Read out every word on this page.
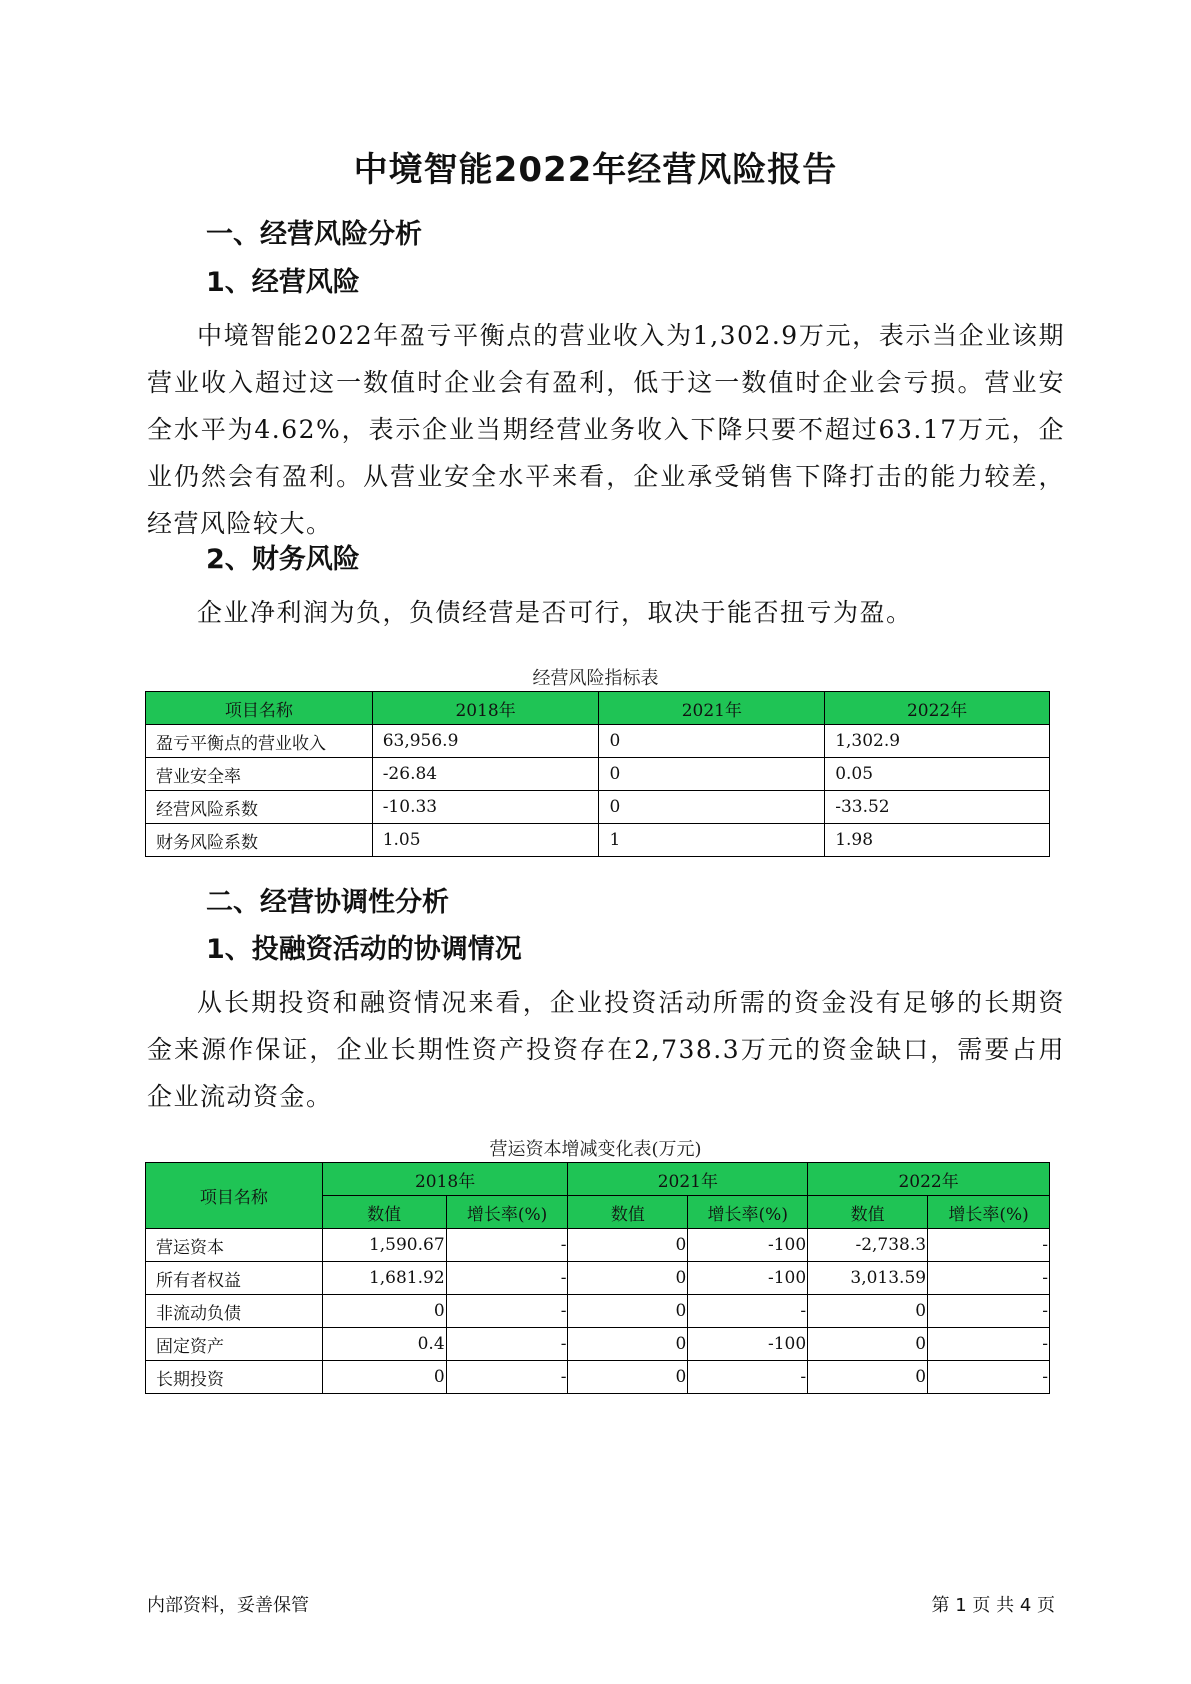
中境智能2022年经营风险报告
一、经营风险分析
1、经营风险

中境智能2022年盈亏平衡点的营业收入为1,302.9万元，表示当企业该期营业收入超过这一数值时企业会有盈利，低于这一数值时企业会亏损。营业安全水平为4.62%，表示企业当期经营业务收入下降只要不超过63.17万元，企业仍然会有盈利。从营业安全水平来看，企业承受销售下降打击的能力较差，经营风险较大。

2、财务风险

企业净利润为负，负债经营是否可行，取决于能否扭亏为盈。

经营风险指标表
项目名称	2018年	2021年	2022年
盈亏平衡点的营业收入	63,956.9	0	1,302.9
营业安全率	-26.84	0	0.05
经营风险系数	-10.33	0	-33.52
财务风险系数	1.05	1	1.98
二、经营协调性分析
1、投融资活动的协调情况

从长期投资和融资情况来看，企业投资活动所需的资金没有足够的长期资金来源作保证，企业长期性资产投资存在2,738.3万元的资金缺口，需要占用企业流动资金。

营运资本增减变化表(万元)
项目名称	2018年		2021年		2022年	
	数值	增长率(%)	数值	增长率(%)	数值	增长率(%)
营运资本	1,590.67	-	0	-100	-2,738.3	-
所有者权益	1,681.92	-	0	-100	3,013.59	-
非流动负债	0	-	0	-	0	-
固定资产	0.4	-	0	-100	0	-
长期投资	0	-	0	-	0	-
内部资料，妥善保管	第 1 页 共 4 页
